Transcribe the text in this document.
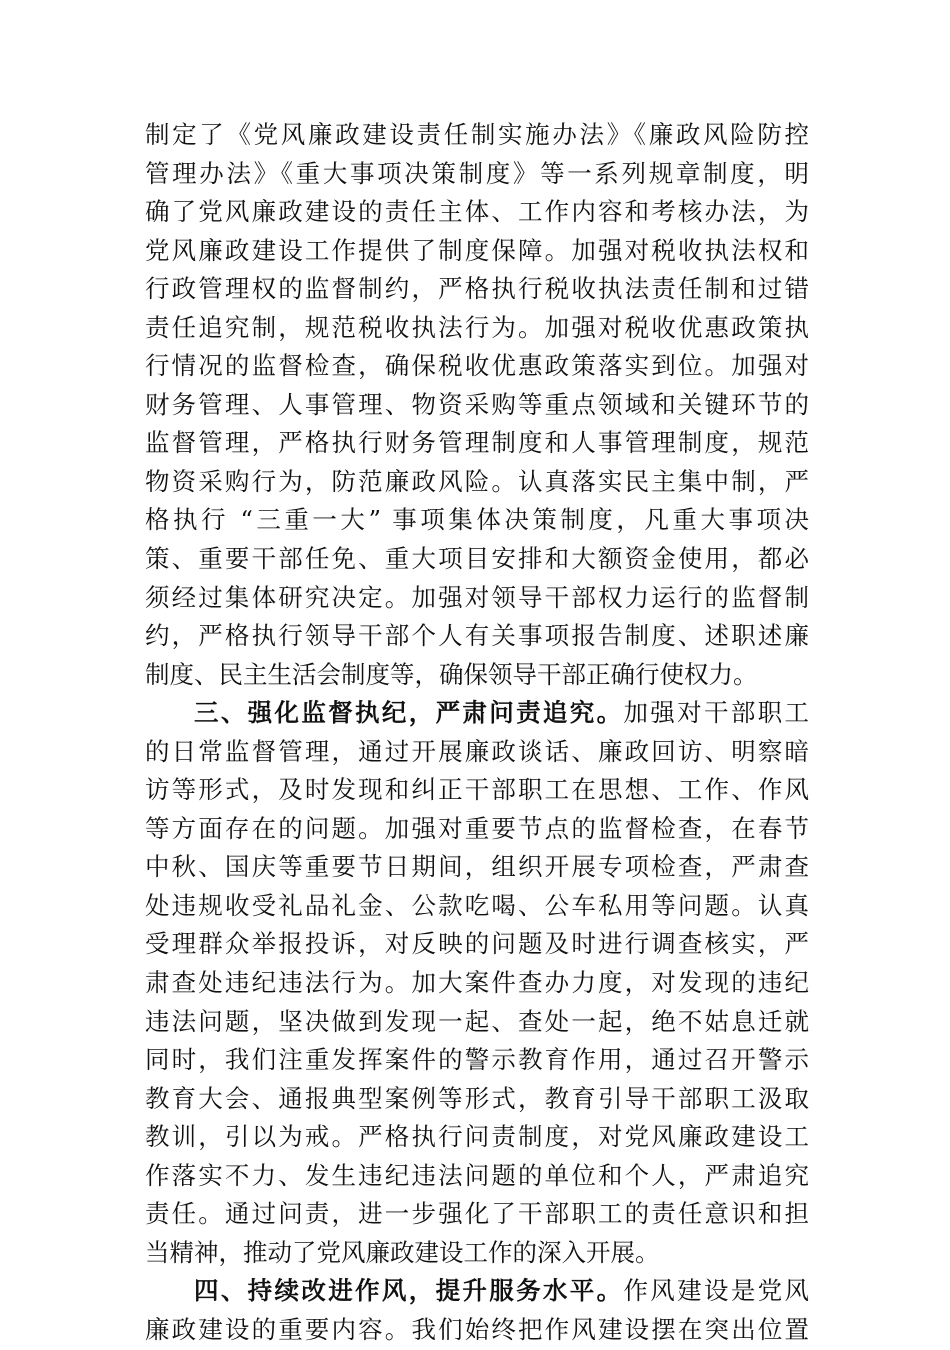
制定了《党风廉政建设责任制实施办法》《廉政风险防控
管理办法》《重大事项决策制度》等一系列规章制度，明
确了党风廉政建设的责任主体、工作内容和考核办法，为
党风廉政建设工作提供了制度保障。加强对税收执法权和
行政管理权的监督制约，严格执行税收执法责任制和过错
责任追究制，规范税收执法行为。加强对税收优惠政策执
行情况的监督检查，确保税收优惠政策落实到位。加强对
财务管理、人事管理、物资采购等重点领域和关键环节的
监督管理，严格执行财务管理制度和人事管理制度，规范
物资采购行为，防范廉政风险。认真落实民主集中制，严
格执行 “三重一大” 事项集体决策制度，凡重大事项决
策、重要干部任免、重大项目安排和大额资金使用，都必
须经过集体研究决定。加强对领导干部权力运行的监督制
约，严格执行领导干部个人有关事项报告制度、述职述廉
制度、民主生活会制度等，确保领导干部正确行使权力。
三、强化监督执纪，严肃问责追究。加强对干部职工
的日常监督管理，通过开展廉政谈话、廉政回访、明察暗
访等形式，及时发现和纠正干部职工在思想、工作、作风
等方面存在的问题。加强对重要节点的监督检查，在春节
中秋、国庆等重要节日期间，组织开展专项检查，严肃查
处违规收受礼品礼金、公款吃喝、公车私用等问题。认真
受理群众举报投诉，对反映的问题及时进行调查核实，严
肃查处违纪违法行为。加大案件查办力度，对发现的违纪
违法问题，坚决做到发现一起、查处一起，绝不姑息迁就
同时，我们注重发挥案件的警示教育作用，通过召开警示
教育大会、通报典型案例等形式，教育引导干部职工汲取
教训，引以为戒。严格执行问责制度，对党风廉政建设工
作落实不力、发生违纪违法问题的单位和个人，严肃追究
责任。通过问责，进一步强化了干部职工的责任意识和担
当精神，推动了党风廉政建设工作的深入开展。
四、持续改进作风，提升服务水平。作风建设是党风
廉政建设的重要内容。我们始终把作风建设摆在突出位置
